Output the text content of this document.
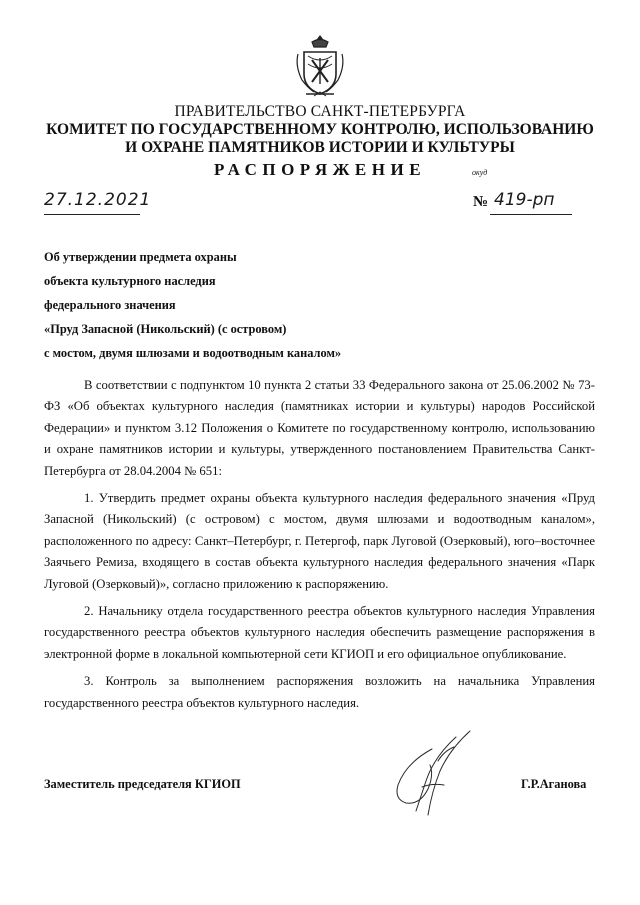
ПРАВИТЕЛЬСТВО САНКТ-ПЕТЕРБУРГА
КОМИТЕТ ПО ГОСУДАРСТВЕННОМУ КОНТРОЛЮ, ИСПОЛЬЗОВАНИЮ
И ОХРАНЕ ПАМЯТНИКОВ ИСТОРИИ И КУЛЬТУРЫ
РАСПОРЯЖЕНИЕ	окуд
27.12.2021	№ 419-рп
Об утверждении предмета охраны
объекта культурного наследия
федерального значения
«Пруд Запасной (Никольский) (с островом)
с мостом, двумя шлюзами и водоотводным каналом»

В соответствии с подпунктом 10 пункта 2 статьи 33 Федерального закона от 25.06.2002 № 73-ФЗ «Об объектах культурного наследия (памятниках истории и культуры) народов Российской Федерации» и пунктом 3.12 Положения о Комитете по государственному контролю, использованию и охране памятников истории и культуры, утвержденного постановлением Правительства Санкт-Петербурга от 28.04.2004 № 651:

1. Утвердить предмет охраны объекта культурного наследия федерального значения «Пруд Запасной (Никольский) (с островом) с мостом, двумя шлюзами и водоотводным каналом», расположенного по адресу: Санкт–Петербург, г. Петергоф, парк Луговой (Озерковый), юго–восточнее Заячьего Ремиза, входящего в состав объекта культурного наследия федерального значения «Парк Луговой (Озерковый)», согласно приложению к распоряжению.

2. Начальнику отдела государственного реестра объектов культурного наследия Управления государственного реестра объектов культурного наследия обеспечить размещение распоряжения в электронной форме в локальной компьютерной сети КГИОП и его официальное опубликование.

3. Контроль за выполнением распоряжения возложить на начальника Управления государственного реестра объектов культурного наследия.

Заместитель председателя КГИОП	Г.Р.Аганова
